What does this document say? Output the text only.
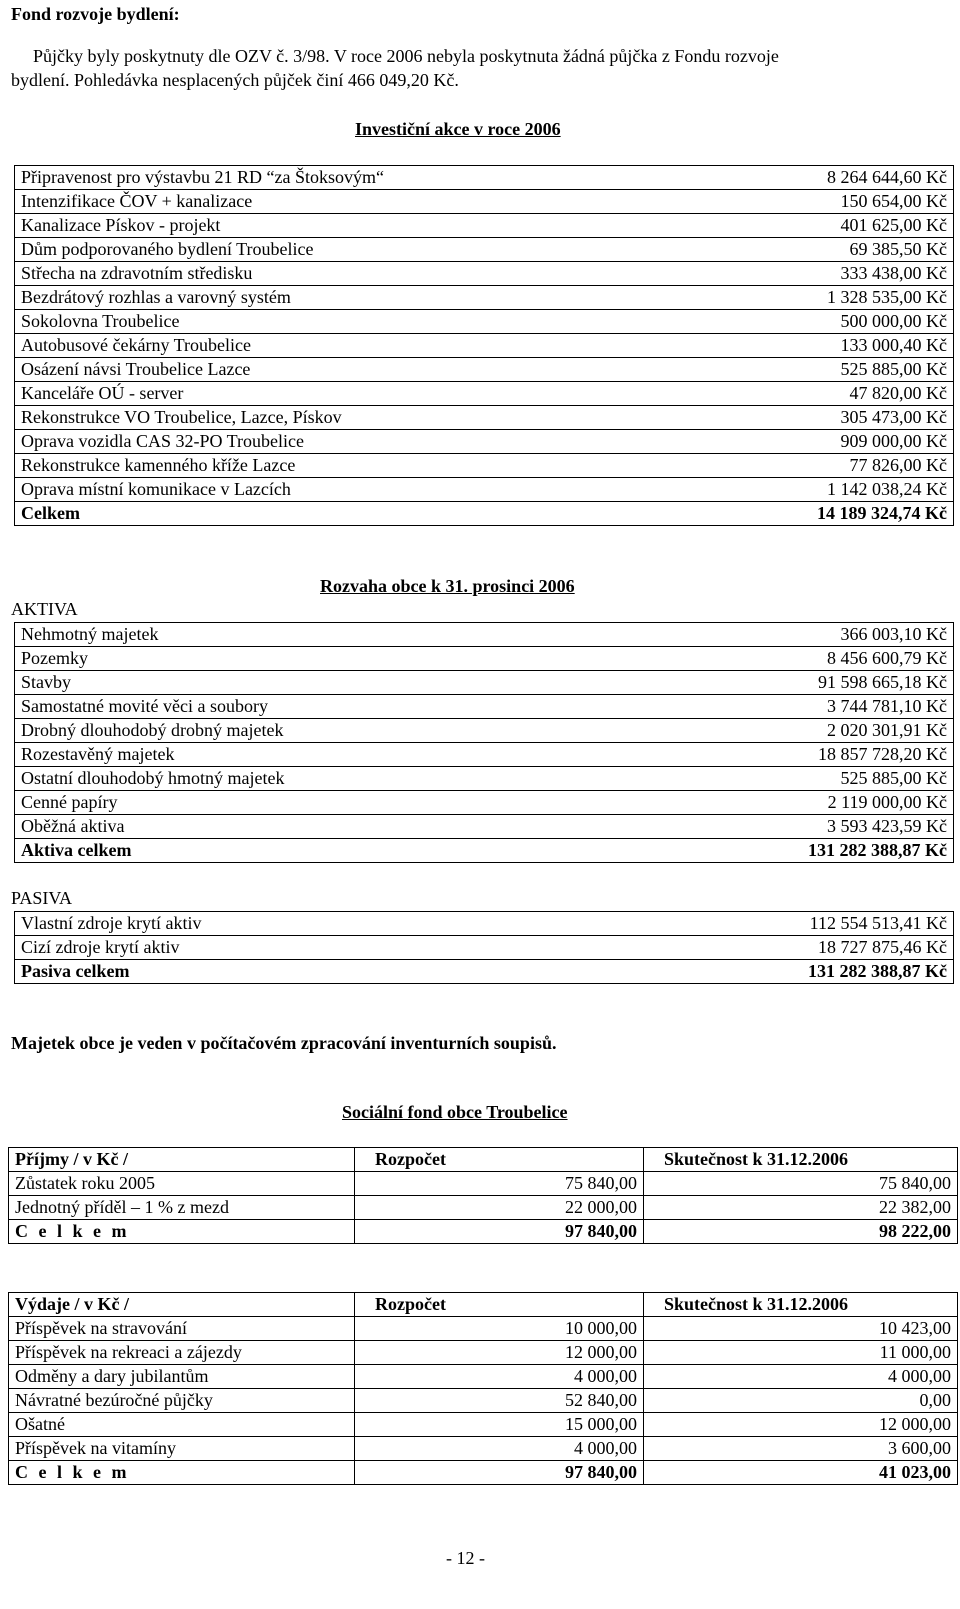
Fond rozvoje bydlení:
Půjčky byly poskytnuty dle OZV č. 3/98. V roce 2006 nebyla poskytnuta žádná půjčka z Fondu rozvoje
bydlení. Pohledávka nesplacených půjček činí 466 049,20 Kč.
Investiční akce v roce 2006
Připravenost pro výstavbu 21 RD “za Štoksovým“	8 264 644,60 Kč
Intenzifikace ČOV + kanalizace	150 654,00 Kč
Kanalizace Pískov - projekt	401 625,00 Kč
Dům podporovaného bydlení Troubelice	69 385,50 Kč
Střecha na zdravotním středisku	333 438,00 Kč
Bezdrátový rozhlas a varovný systém	1 328 535,00 Kč
Sokolovna Troubelice	500 000,00 Kč
Autobusové čekárny Troubelice	133 000,40 Kč
Osázení návsi Troubelice Lazce	525 885,00 Kč
Kanceláře OÚ - server	47 820,00 Kč
Rekonstrukce VO Troubelice, Lazce, Pískov	305 473,00 Kč
Oprava vozidla CAS 32-PO Troubelice	909 000,00 Kč
Rekonstrukce kamenného kříže Lazce	77 826,00 Kč
Oprava místní komunikace v Lazcích	1 142 038,24 Kč
Celkem	14 189 324,74 Kč
Rozvaha obce k 31. prosinci 2006
AKTIVA
Nehmotný majetek	366 003,10 Kč
Pozemky	8 456 600,79 Kč
Stavby	91 598 665,18 Kč
Samostatné movité věci a soubory	3 744 781,10 Kč
Drobný dlouhodobý drobný majetek	2 020 301,91 Kč
Rozestavěný majetek	18 857 728,20 Kč
Ostatní dlouhodobý hmotný majetek	525 885,00 Kč
Cenné papíry	2 119 000,00 Kč
Oběžná aktiva	3 593 423,59 Kč
Aktiva celkem	131 282 388,87 Kč
PASIVA
Vlastní zdroje krytí aktiv	112 554 513,41 Kč
Cizí zdroje krytí aktiv	18 727 875,46 Kč
Pasiva celkem	131 282 388,87 Kč
Majetek obce je veden v počítačovém zpracování inventurních soupisů.
Sociální fond obce Troubelice
Příjmy / v Kč /	Rozpočet	Skutečnost k 31.12.2006
Zůstatek roku 2005	75 840,00	75 840,00
Jednotný příděl – 1 % z mezd	22 000,00	22 382,00
C e l k e m	97 840,00	98 222,00
Výdaje / v Kč /	Rozpočet	Skutečnost k 31.12.2006
Příspěvek na stravování	10 000,00	10 423,00
Příspěvek na rekreaci a zájezdy	12 000,00	11 000,00
Odměny a dary jubilantům	4 000,00	4 000,00
Návratné bezúročné půjčky	52 840,00	0,00
Ošatné	15 000,00	12 000,00
Příspěvek na vitamíny	4 000,00	3 600,00
C e l k e m	97 840,00	41 023,00
- 12 -
